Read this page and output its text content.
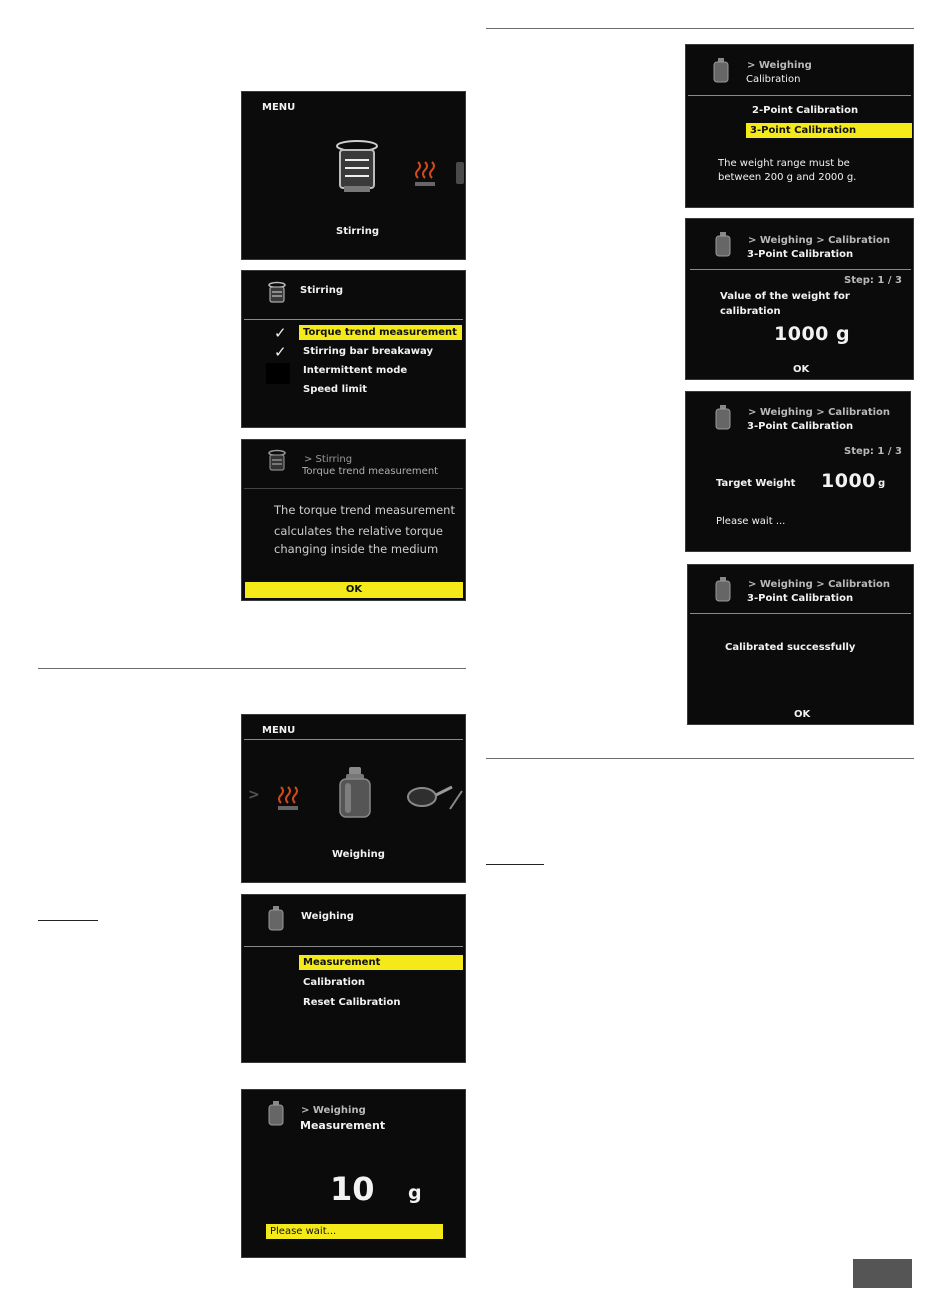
MENU
Stirring
Stirring
✓	Torque trend measurement
✓ Stirring bar breakaway
Intermittent mode
Speed limit
> Stirring
Torque trend measurement
The torque trend measurement
calculates the relative torque
changing inside the medium
OK
MENU
>
Weighing
Weighing
Measurement
Calibration
Reset Calibration
> Weighing
Measurement
10 g
Please wait...
> Weighing
Calibration
2-Point Calibration
3-Point Calibration
The weight range must be
between 200 g and 2000 g.
> Weighing > Calibration
3-Point Calibration
Step: 1 / 3
Value of the weight for
calibration
1000 g
OK
> Weighing > Calibration
3-Point Calibration
Step: 1 / 3
Target Weight 1000 g
Please wait ...
> Weighing > Calibration
3-Point Calibration
Calibrated successfully
OK
